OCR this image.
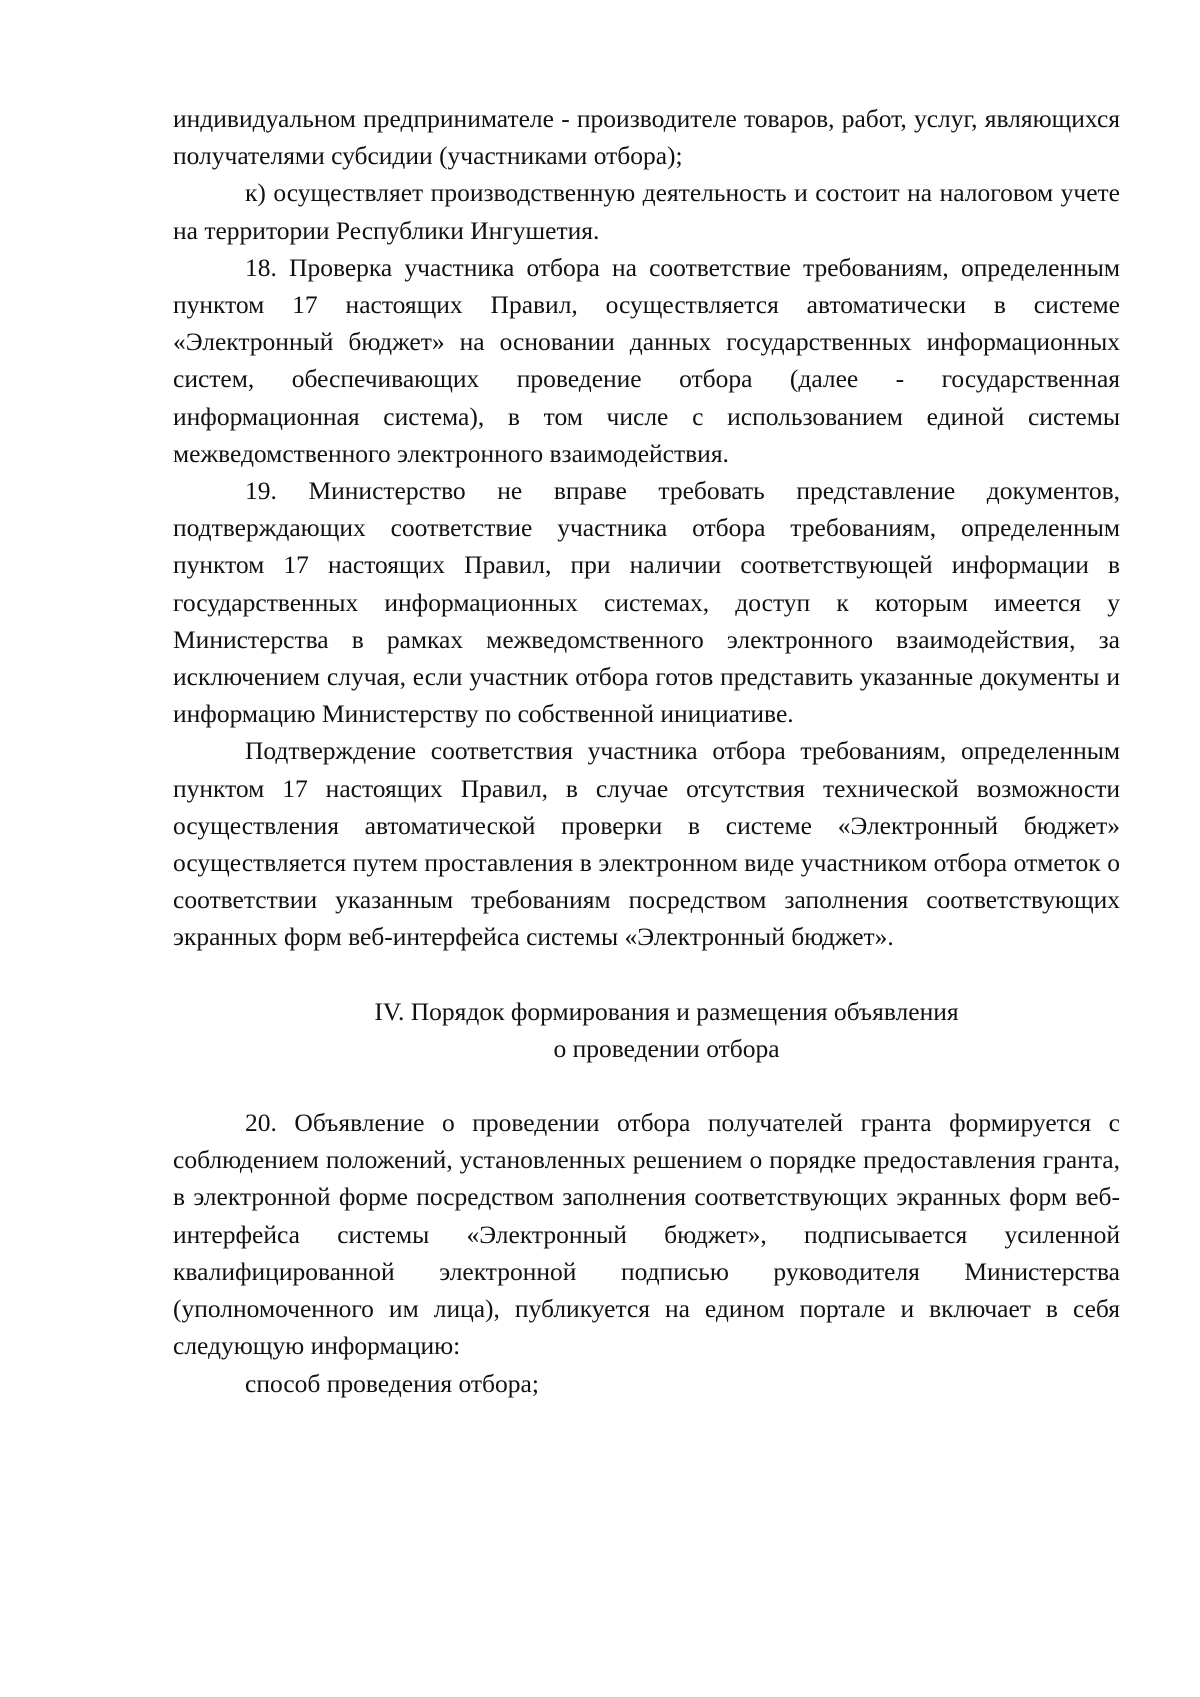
индивидуальном предпринимателе - производителе товаров, работ, услуг, являющихся получателями субсидии (участниками отбора);

к) осуществляет производственную деятельность и состоит на налоговом учете на территории Республики Ингушетия.

18. Проверка участника отбора на соответствие требованиям, определенным пунктом 17 настоящих Правил, осуществляется автоматически в системе «Электронный бюджет» на основании данных государственных информационных систем, обеспечивающих проведение отбора (далее - государственная информационная система), в том числе с использованием единой системы межведомственного электронного взаимодействия.

19. Министерство не вправе требовать представление документов, подтверждающих соответствие участника отбора требованиям, определенным пунктом 17 настоящих Правил, при наличии соответствующей информации в государственных информационных системах, доступ к которым имеется у Министерства в рамках межведомственного электронного взаимодействия, за исключением случая, если участник отбора готов представить указанные документы и информацию Министерству по собственной инициативе.

Подтверждение соответствия участника отбора требованиям, определенным пунктом 17 настоящих Правил, в случае отсутствия технической возможности осуществления автоматической проверки в системе «Электронный бюджет» осуществляется путем проставления в электронном виде участником отбора отметок о соответствии указанным требованиям посредством заполнения соответствующих экранных форм веб-интерфейса системы «Электронный бюджет».

IV. Порядок формирования и размещения объявления

о проведении отбора

20. Объявление о проведении отбора получателей гранта формируется с соблюдением положений, установленных решением о порядке предоставления гранта, в электронной форме посредством заполнения соответствующих экранных форм веб-интерфейса системы «Электронный бюджет», подписывается усиленной квалифицированной электронной подписью руководителя Министерства (уполномоченного им лица), публикуется на едином портале и включает в себя следующую информацию:

способ проведения отбора;
